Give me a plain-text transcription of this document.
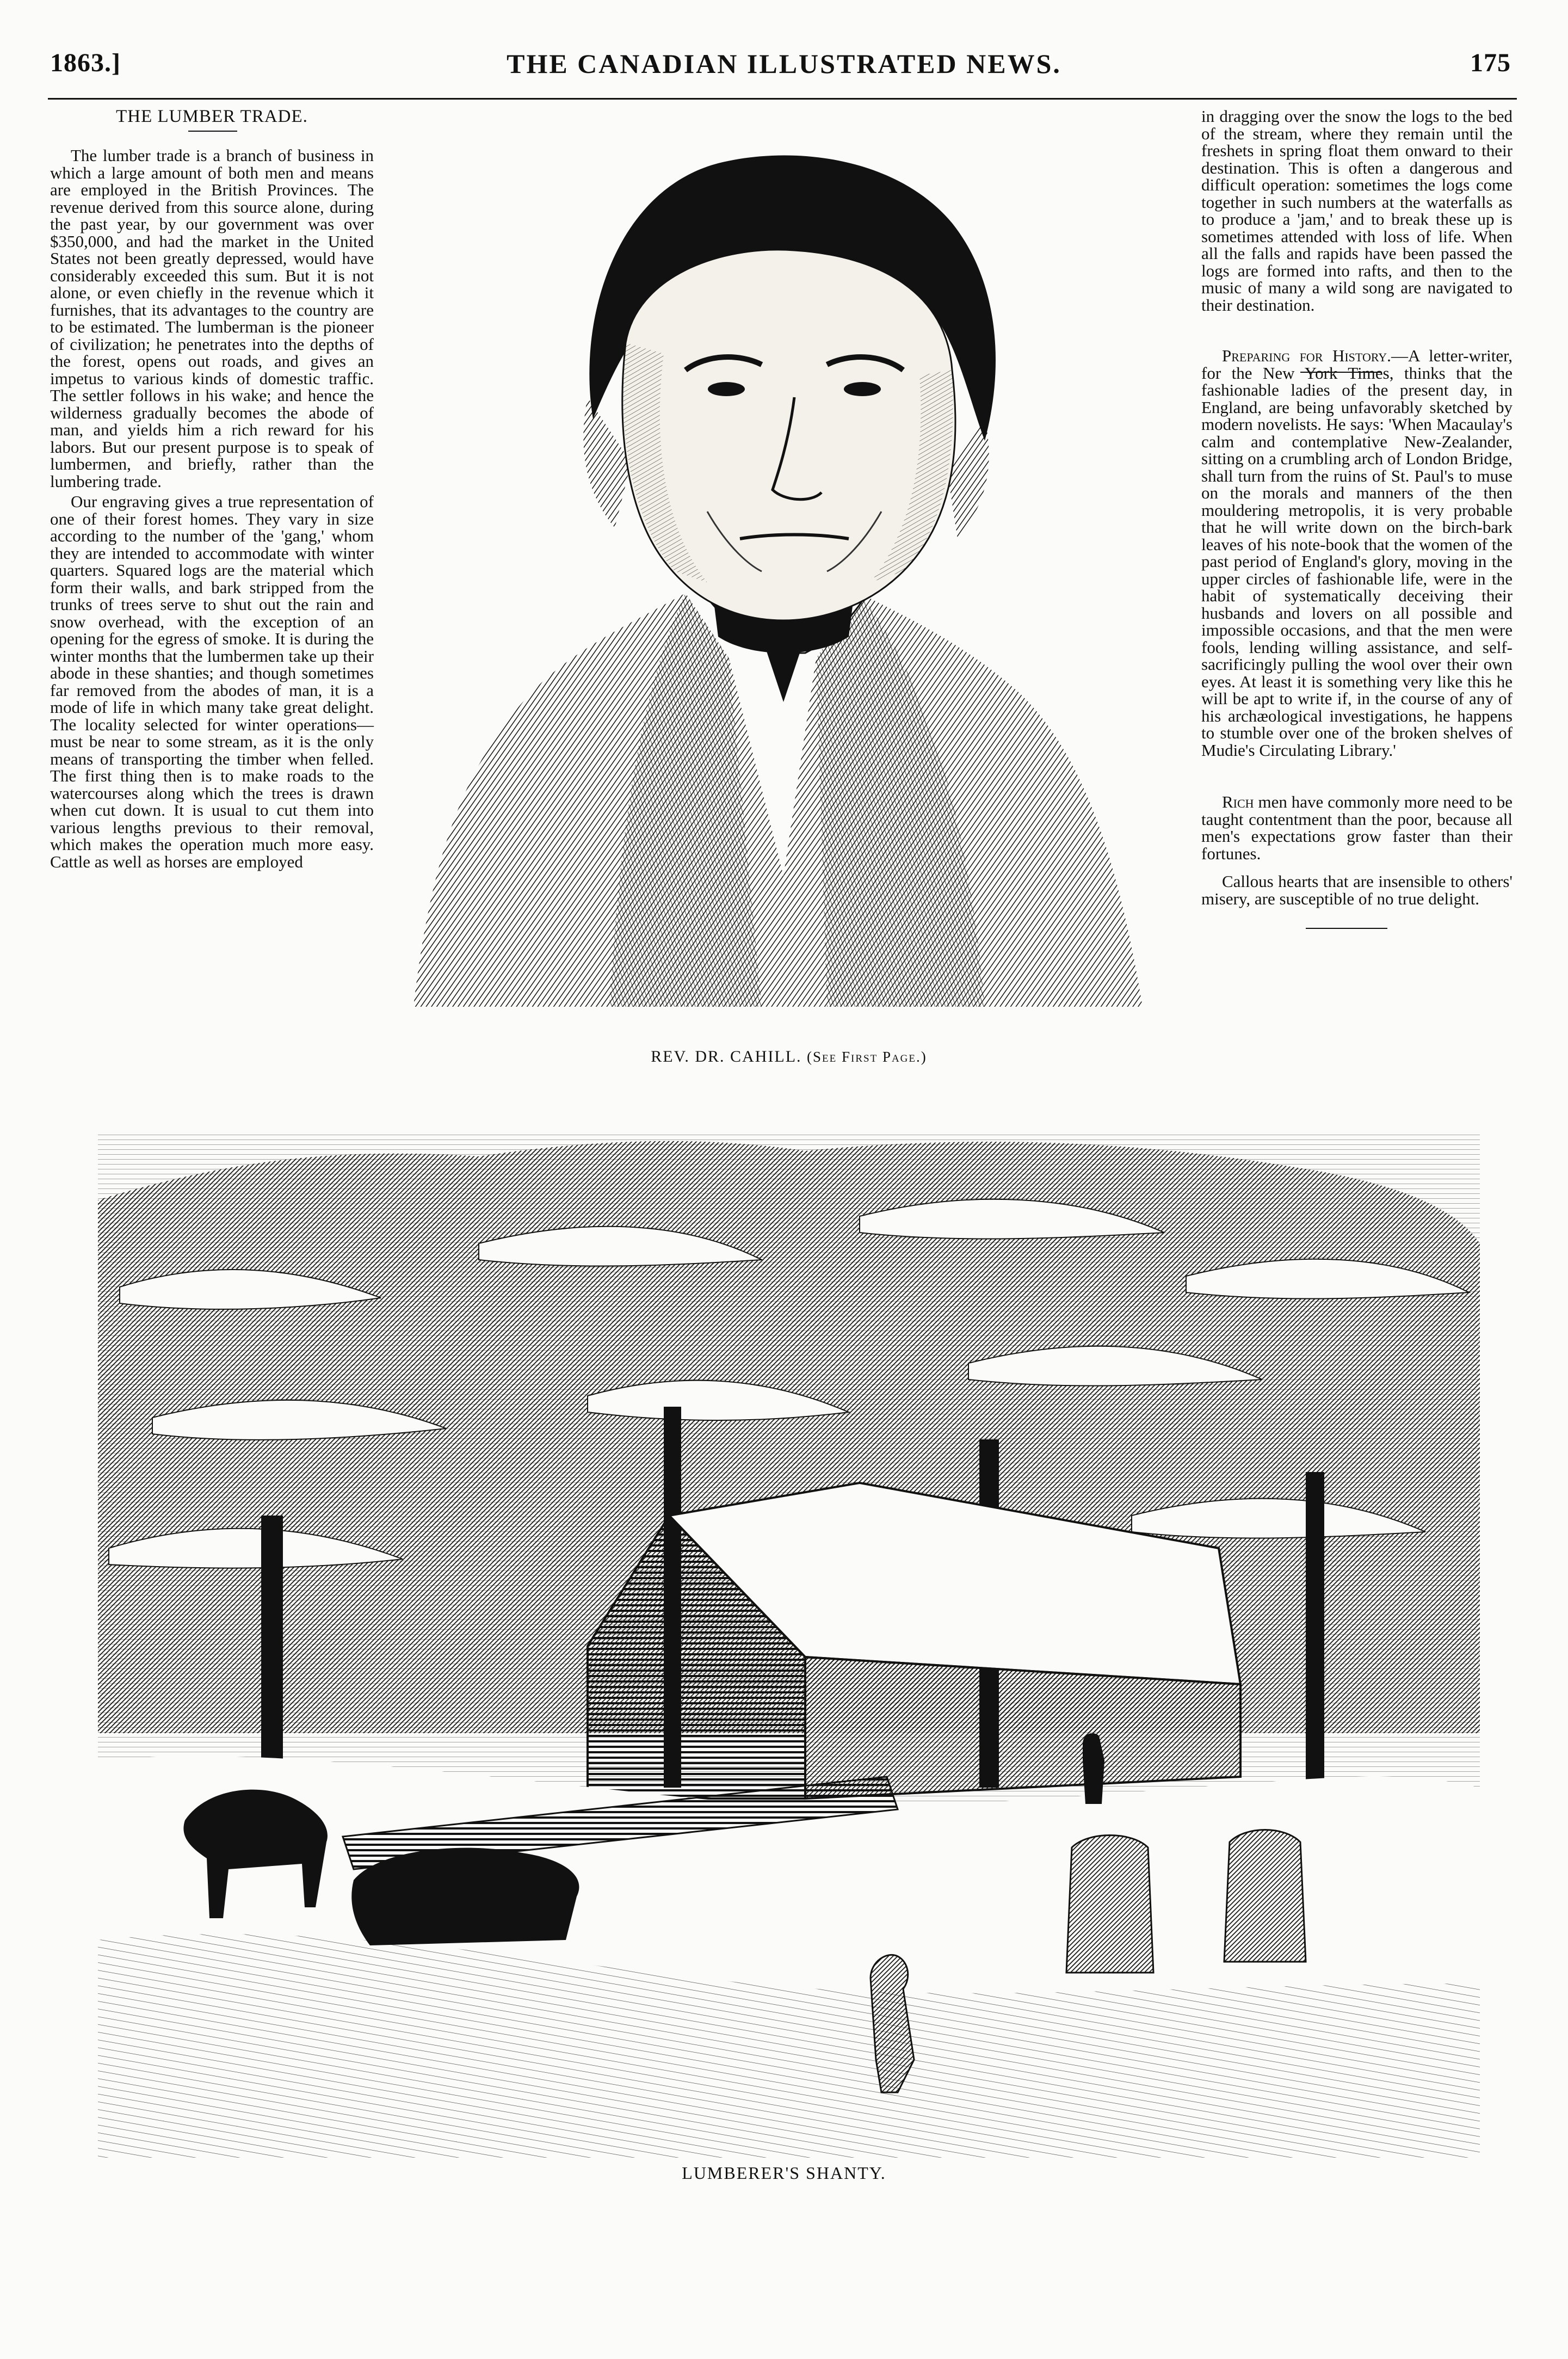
1863.]	THE CANADIAN ILLUSTRATED NEWS.	175
THE LUMBER TRADE.

The lumber trade is a branch of business in which a large amount of both men and means are employed in the British Provinces. The revenue derived from this source alone, during the past year, by our government was over $350,000, and had the market in the United States not been greatly depressed, would have considerably exceeded this sum. But it is not alone, or even chiefly in the revenue which it furnishes, that its advantages to the country are to be estimated. The lumberman is the pioneer of civilization; he penetrates into the depths of the forest, opens out roads, and gives an impetus to various kinds of domestic traffic. The settler follows in his wake; and hence the wilderness gradually becomes the abode of man, and yields him a rich reward for his labors. But our present purpose is to speak of lumbermen, and briefly, rather than the lumbering trade.

Our engraving gives a true representation of one of their forest homes. They vary in size according to the number of the 'gang,' whom they are intended to accommodate with winter quarters. Squared logs are the material which form their walls, and bark stripped from the trunks of trees serve to shut out the rain and snow overhead, with the exception of an opening for the egress of smoke. It is during the winter months that the lumbermen take up their abode in these shanties; and though sometimes far removed from the abodes of man, it is a mode of life in which many take great delight. The locality selected for winter operations—must be near to some stream, as it is the only means of transporting the timber when felled. The first thing then is to make roads to the watercourses along which the trees is drawn when cut down. It is usual to cut them into various lengths previous to their removal, which makes the operation much more easy. Cattle as well as horses are employed

in dragging over the snow the logs to the bed of the stream, where they remain until the freshets in spring float them onward to their destination. This is often a dangerous and difficult operation: sometimes the logs come together in such numbers at the waterfalls as to produce a 'jam,' and to break these up is sometimes attended with loss of life. When all the falls and rapids have been passed the logs are formed into rafts, and then to the music of many a wild song are navigated to their destination.

Preparing for History.—A letter-writer, for the New York Times, thinks that the fashionable ladies of the present day, in England, are being unfavorably sketched by modern novelists. He says: 'When Macaulay's calm and contemplative New-Zealander, sitting on a crumbling arch of London Bridge, shall turn from the ruins of St. Paul's to muse on the morals and manners of the then mouldering metropolis, it is very probable that he will write down on the birch-bark leaves of his note-book that the women of the past period of England's glory, moving in the upper circles of fashionable life, were in the habit of systematically deceiving their husbands and lovers on all possible and impossible occasions, and that the men were fools, lending willing assistance, and self-sacrificingly pulling the wool over their own eyes. At least it is something very like this he will be apt to write if, in the course of any of his archæological investigations, he happens to stumble over one of the broken shelves of Mudie's Circulating Library.'

Rich men have commonly more need to be taught contentment than the poor, because all men's expectations grow faster than their fortunes.

Callous hearts that are insensible to others' misery, are susceptible of no true delight.

REV. DR. CAHILL. (See First Page.)
LUMBERER'S SHANTY.
